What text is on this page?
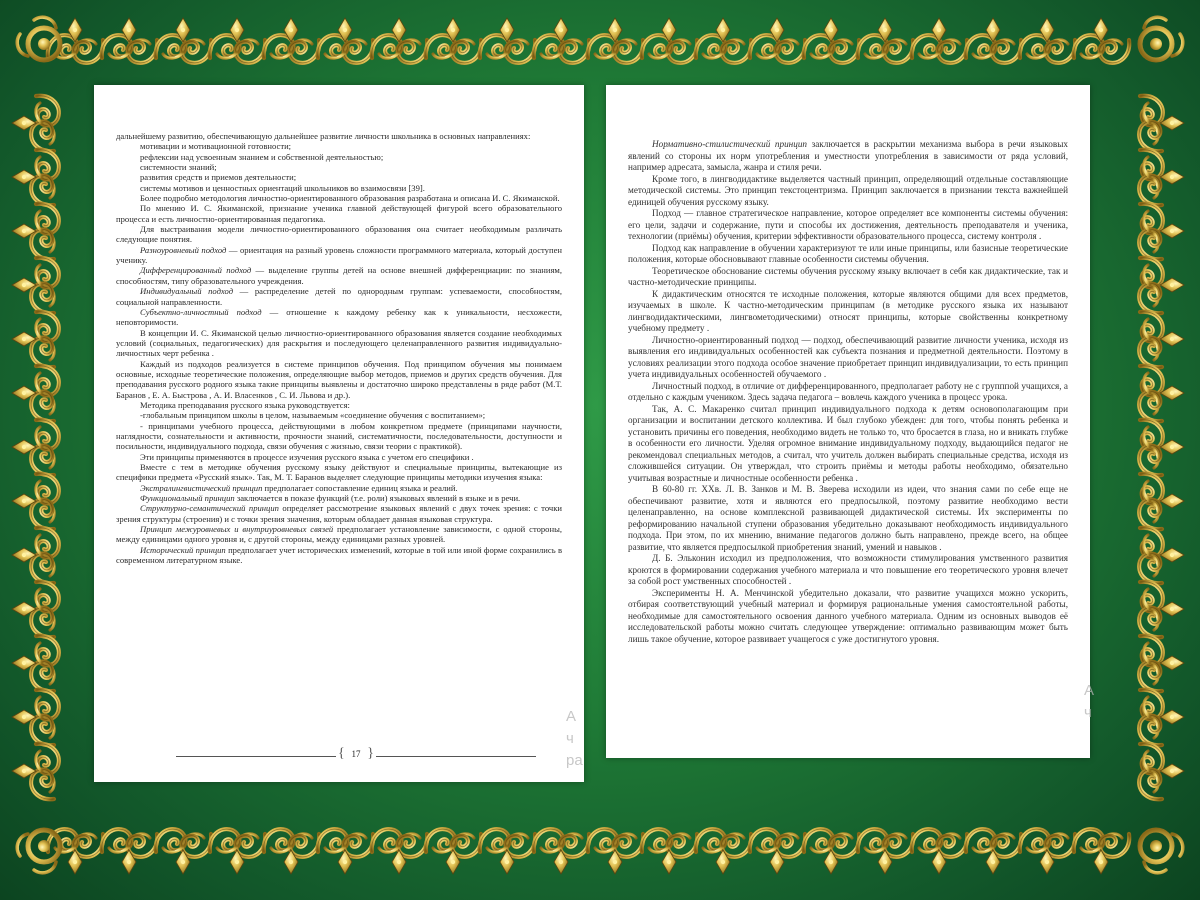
дальнейшему развитию, обеспечивающую дальнейшее развитие личности школьника в основных направлениях:

мотивации и мотивационной готовности;

рефлексии над усвоенным знанием и собственной деятельностью;

системности знаний;

развития средств и приемов деятельности;

системы мотивов и ценностных ориентаций школьников во взаимосвязи [39].

Более подробно методология личностно-ориентированного образования разработана и описана И. С. Якиманской.

По мнению И. С. Якиманской, признание ученика главной действующей фигурой всего образовательного процесса и есть личностно-ориентированная педагогика.

Для выстраивания модели личностно-ориентированного образования она считает необходимым различать следующие понятия.

Разноуровневый подход — ориентация на разный уровень сложности программного материала, который доступен ученику.

Дифференцированный подход — выделение группы детей на основе внешней дифференциации: по знаниям, способностям, типу образовательного учреждения.

Индивидуальный подход — распределение детей по однородным группам: успеваемости, способностям, социальной направленности.

Субъектно-личностный подход — отношение к каждому ребенку как к уникальности, несхожести, неповторимости.

В концепции И. С. Якиманской целью личностно-ориентированного образования является создание необходимых условий (социальных, педагогических) для раскрытия и последующего целенаправленного развития индивидуально-личностных черт ребенка .

Каждый из подходов реализуется в системе принципов обучения. Под принципом обучения мы понимаем основные, исходные теоретические положения, определяющие выбор методов, приемов и других средств обучения. Для преподавания русского родного языка такие принципы выявлены и достаточно широко представлены в ряде работ (М.Т. Баранов , Е. А. Быстрова , А. И. Власенков , С. И. Львова и др.).

Методика преподавания русского языка руководствуется:

-глобальным принципом школы в целом, называемым «соединение обучения с воспитанием»;

- принципами учебного процесса, действующими в любом конкретном предмете (принципами научности, наглядности, сознательности и активности, прочности знаний, систематичности, последовательности, доступности и посильности, индивидуального подхода, связи обучения с жизнью, связи теории с практикой).

Эти принципы применяются в процессе изучения русского языка с учетом его специфики .

Вместе с тем в методике обучения русскому языку действуют и специальные принципы, вытекающие из специфики предмета «Русский язык». Так, М. Т. Баранов выделяет следующие принципы методики изучения языка:

Экстралингвистический принцип предполагает сопоставление единиц языка и реалий.

Функциональный принцип заключается в показе функций (т.е. роли) языковых явлений в языке и в речи.

Структурно-семантический принцип определяет рассмотрение языковых явлений с двух точек зрения: с точки зрения структуры (строения) и с точки зрения значения, которым обладает данная языковая структура.

Принцип межуровневых и внутриуровневых связей предполагает установление зависимости, с одной стороны, между единицами одного уровня и, с другой стороны, между единицами разных уровней.

Исторический принцип предполагает учет исторических изменений, которые в той или иной форме сохранились в современном литературном языке.

{ 17 }
А
ч
ра

Нормативно-стилистический принцип заключается в раскрытии механизма выбора в речи языковых явлений со стороны их норм употребления и уместности употребления в зависимости от ряда условий, например адресата, замысла, жанра и стиля речи.

Кроме того, в лингводидактике выделяется частный принцип, определяющий отдельные составляющие методической системы. Это принцип текстоцентризма. Принцип заключается в признании текста важнейшей единицей обучения русскому языку.

Подход — главное стратегическое направление, которое определяет все компоненты системы обучения: его цели, задачи и содержание, пути и способы их достижения, деятельность преподавателя и ученика, технологии (приёмы) обучения, критерии эффективности образовательного процесса, систему контроля .

Подход как направление в обучении характеризуют те или иные принципы, или базисные теоретические положения, которые обосновывают главные особенности системы обучения.

Теоретическое обоснование системы обучения русскому языку включает в себя как дидактические, так и частно-методические принципы.

К дидактическим относятся те исходные положения, которые являются общими для всех предметов, изучаемых в школе. К частно-методическим принципам (в методике русского языка их называют лингводидактическими, лингвометодическими) относят принципы, которые свойственны конкретному учебному предмету .

Личностно-ориентированный подход — подход, обеспечивающий развитие личности ученика, исходя из выявления его индивидуальных особенностей как субъекта познания и предметной деятельности. Поэтому в условиях реализации этого подхода особое значение приобретает принцип индивидуализации, то есть принцип учета индивидуальных особенностей обучаемого .

Личностный подход, в отличие от дифференцированного, предполагает работу не с групппой учащихся, а отдельно с каждым учеником. Здесь задача педагога – вовлечь каждого ученика в процесс урока.

Так, А. С. Макаренко считал принцип индивидуального подхода к детям основополагающим при организации и воспитании детского коллектива. И был глубоко убежден: для того, чтобы понять ребенка и установить причины его поведения, необходимо видеть не только то, что бросается в глаза, но и вникать глубже в особенности его личности. Уделяя огромное внимание индивидуальному подходу, выдающийся педагог не рекомендовал специальных методов, а считал, что учитель должен выбирать специальные средства, исходя из сложившейся ситуации. Он утверждал, что строить приёмы и методы работы необходимо, обязательно учитывая возрастные и личностные особенности ребенка .

В 60-80 гг. ХХв. Л. В. Занков и М. В. Зверева исходили из идеи, что знания сами по себе еще не обеспечивают развитие, хотя и являются его предпосылкой, поэтому развитие необходимо вести целенаправленно, на основе комплексной развивающей дидактической системы. Их эксперименты по реформированию начальной ступени образования убедительно доказывают необходимость индивидуального подхода. При этом, по их мнению, внимание педагогов должно быть направлено, прежде всего, на общее развитие, что является предпосылкой приобретения знаний, умений и навыков .

Д. Б. Эльконин исходил из предположения, что возможности стимулирования умственного развития кроются в формировании содержания учебного материала и что повышение его теоретического уровня влечет за собой рост умственных способностей .

Эксперименты Н. А. Менчинской убедительно доказали, что развитие учащихся можно ускорить, отбирая соответствующий учебный материал и формируя рациональные умения самостоятельной работы, необходимые для самостоятельного освоения данного учебного материала. Одним из основных выводов её исследовательской работы можно считать следующее утверждение: оптимально развивающим может быть лишь такое обучение, которое развивает учащегося с уже достигнутого уровня.

А
ч
